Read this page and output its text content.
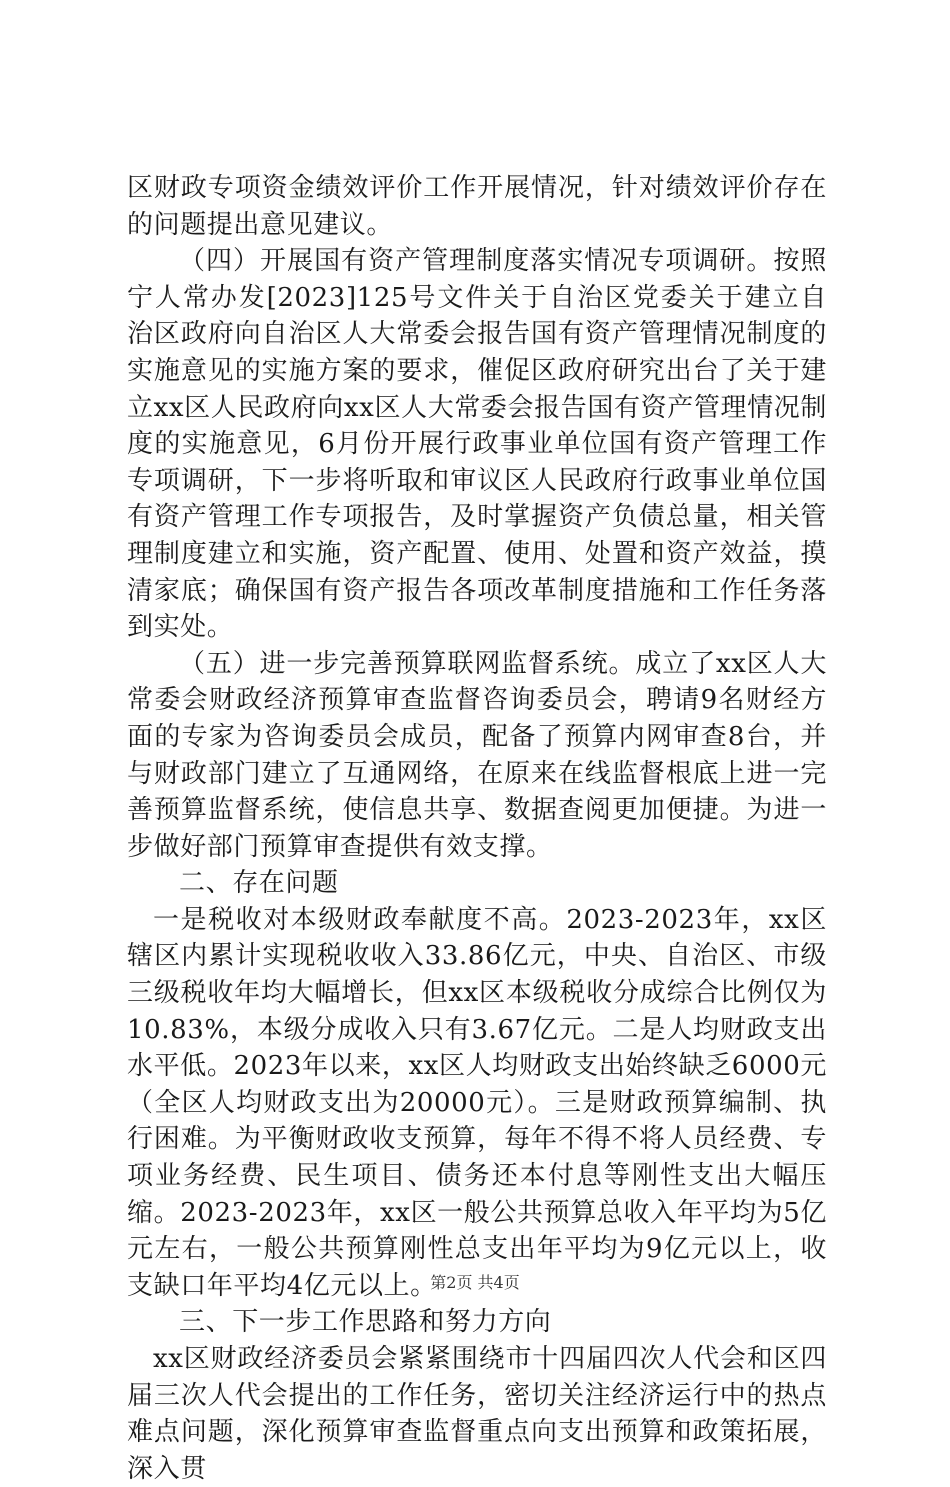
区财政专项资金绩效评价工作开展情况，针对绩效评价存在的问题提出意见建议。

（四）开展国有资产管理制度落实情况专项调研。按照宁人常办发[2023]125号文件关于自治区党委关于建立自治区政府向自治区人大常委会报告国有资产管理情况制度的实施意见的实施方案的要求，催促区政府研究出台了关于建立xx区人民政府向xx区人大常委会报告国有资产管理情况制度的实施意见，6月份开展行政事业单位国有资产管理工作专项调研，下一步将听取和审议区人民政府行政事业单位国有资产管理工作专项报告，及时掌握资产负债总量，相关管理制度建立和实施，资产配置、使用、处置和资产效益，摸清家底；确保国有资产报告各项改革制度措施和工作任务落到实处。

（五）进一步完善预算联网监督系统。成立了xx区人大常委会财政经济预算审查监督咨询委员会，聘请9名财经方面的专家为咨询委员会成员，配备了预算内网审查8台，并与财政部门建立了互通网络，在原来在线监督根底上进一完善预算监督系统，使信息共享、数据查阅更加便捷。为进一步做好部门预算审查提供有效支撑。

二、存在问题

一是税收对本级财政奉献度不高。2023-2023年，xx区辖区内累计实现税收收入33.86亿元，中央、自治区、市级三级税收年均大幅增长，但xx区本级税收分成综合比例仅为10.83%，本级分成收入只有3.67亿元。二是人均财政支出水平低。2023年以来，xx区人均财政支出始终缺乏6000元（全区人均财政支出为20000元）。三是财政预算编制、执行困难。为平衡财政收支预算，每年不得不将人员经费、专项业务经费、民生项目、债务还本付息等刚性支出大幅压缩。2023-2023年，xx区一般公共预算总收入年平均为5亿元左右，一般公共预算刚性总支出年平均为9亿元以上，收支缺口年平均4亿元以上。

三、下一步工作思路和努力方向

xx区财政经济委员会紧紧围绕市十四届四次人代会和区四届三次人代会提出的工作任务，密切关注经济运行中的热点难点问题，深化预算审查监督重点向支出预算和政策拓展，深入贯

第2页 共4页
